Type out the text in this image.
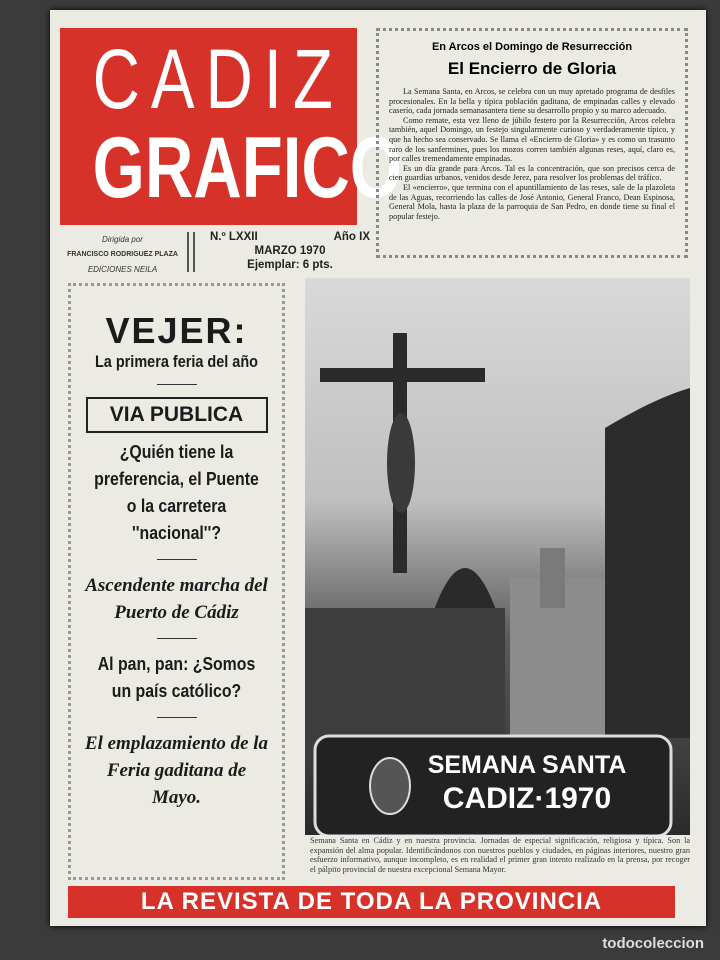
CADIZ
GRAFICO
En Arcos el Domingo de Resurrección
El Encierro de Gloria

La Semana Santa, en Arcos, se celebra con un muy apretado programa de desfiles procesionales. En la bella y típica población gaditana, de empinadas calles y elevado caserío, cada jornada semanasantera tiene su desarrollo propio y su marco adecuado.

Como remate, esta vez lleno de júbilo festero por la Resurrección, Arcos celebra también, aquel Domingo, un festejo singularmente curioso y verdaderamente típico, y que ha hecho sea conservado. Se llama el «Encierro de Gloria» y es como un trasunto raro de los sanfermines, pues los mozos corren también algunas reses, aquí, claro es, por calles tremendamente empinadas.

Es un día grande para Arcos. Tal es la concentración, que son precisos cerca de cien guardias urbanos, venidos desde Jerez, para resolver los problemas del tráfico.

El «encierro», que termina con el apuntillamiento de las reses, sale de la plazoleta de las Aguas, recorriendo las calles de José Antonio, General Franco, Dean Espinosa, General Mola, hasta la plaza de la parroquia de San Pedro, en donde tiene su final el popular festejo.

Dirigida por
FRANCISCO RODRIGUEZ PLAZA
EDICIONES NEILA
N.º LXXII	Año IX
MARZO 1970
Ejemplar: 6 pts.
VEJER:
La primera feria del año
VIA PUBLICA
¿Quién tiene la preferencia, el Puente o la carretera ''nacional''?
Ascendente marcha del Puerto de Cádiz
Al pan, pan: ¿Somos un país católico?
El emplazamiento de la Feria gaditana de Mayo.
SEMANA SANTA
CADIZ·1970
Semana Santa en Cádiz y en nuestra provincia. Jornadas de especial significación, religiosa y típica. Son la expansión del alma popular. Identificándonos con nuestros pueblos y ciudades, en páginas interiores, nuestro gran esfuerzo informativo, aunque incompleto, es en realidad el primer gran intento realizado en la prensa, por recoger el pálpito provincial de nuestra excepcional Semana Mayor.
LA REVISTA DE TODA LA PROVINCIA
todocoleccion
